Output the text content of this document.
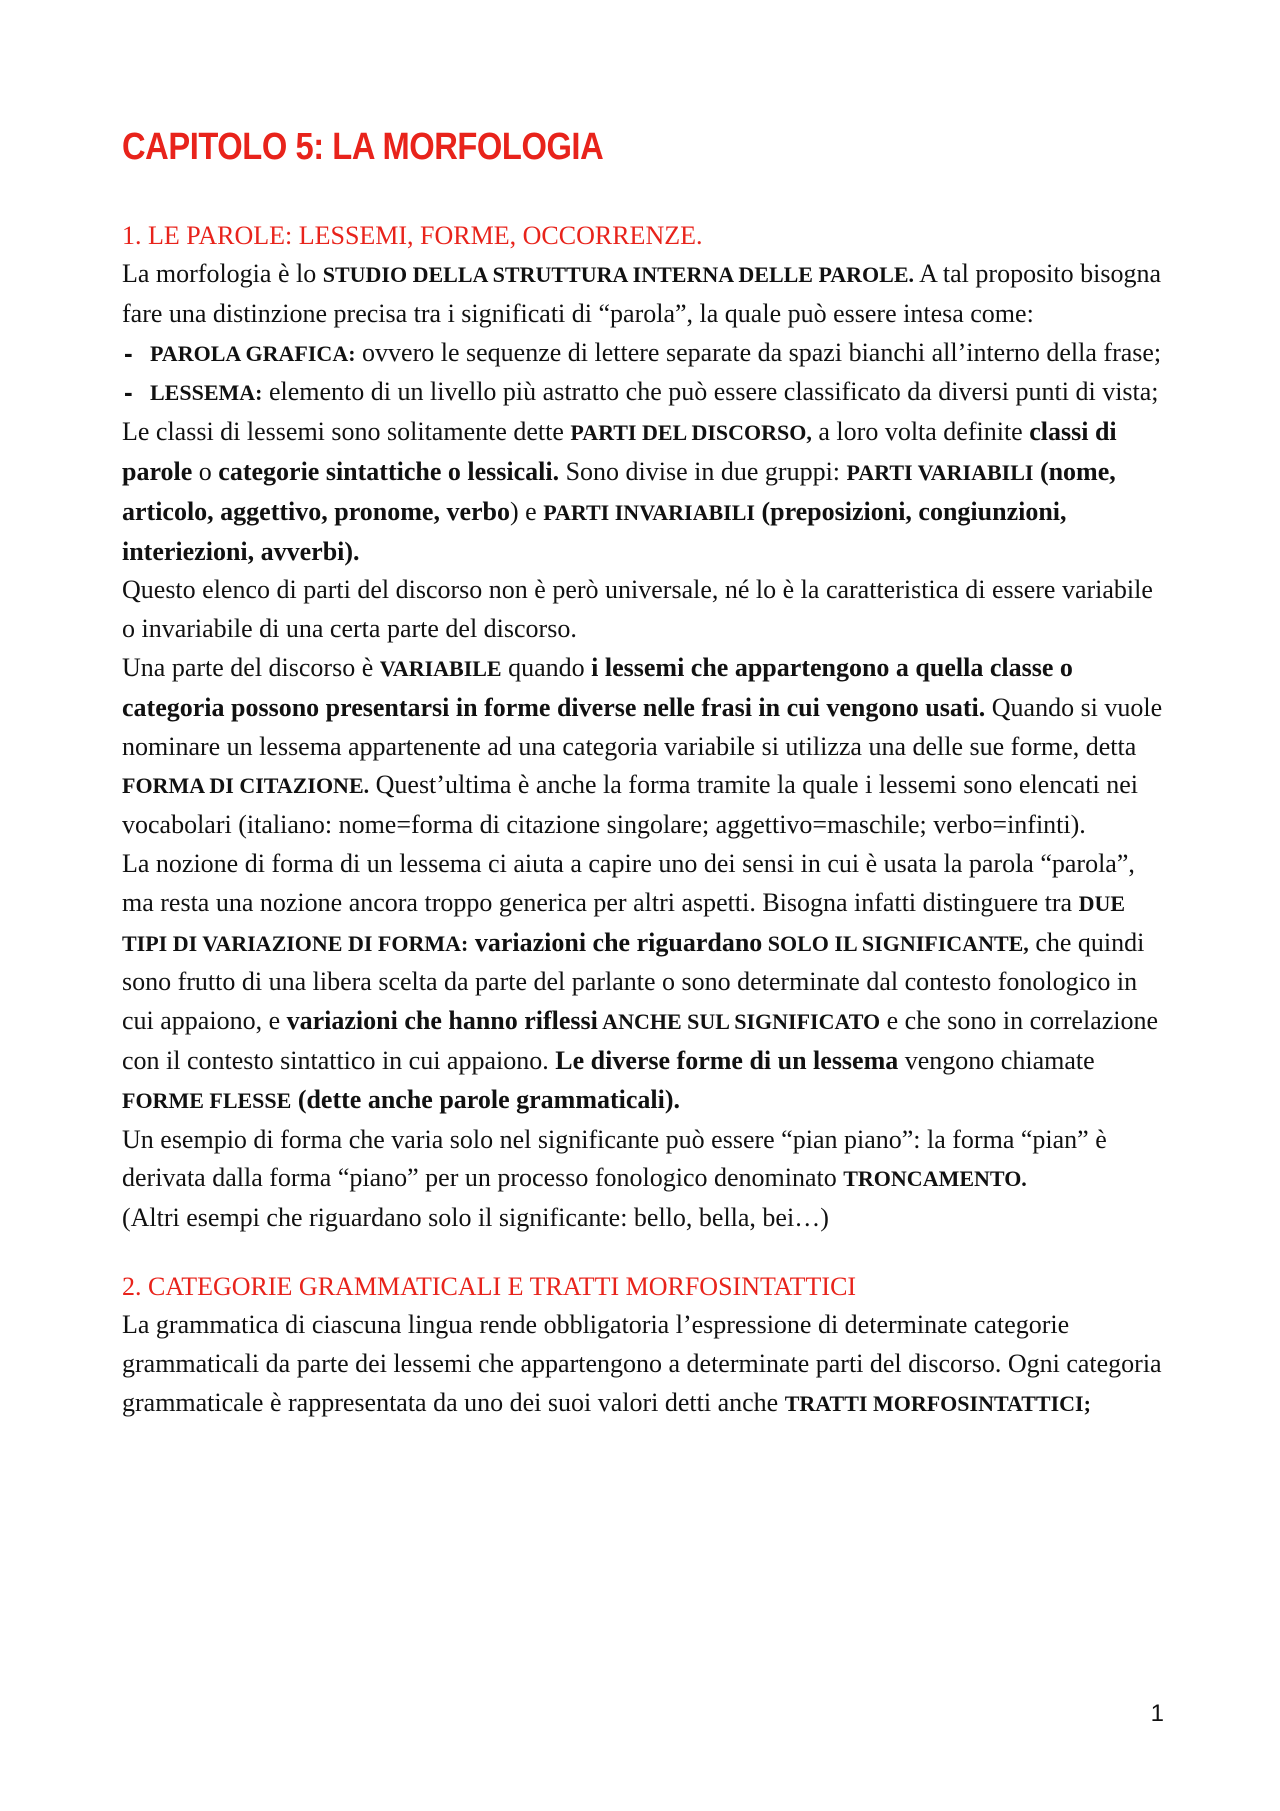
CAPITOLO 5: LA MORFOLOGIA
1. LE PAROLE: LESSEMI, FORME, OCCORRENZE.

La morfologia è lo STUDIO DELLA STRUTTURA INTERNA DELLE PAROLE. A tal proposito bisogna fare una distinzione precisa tra i significati di “parola”, la quale può essere intesa come:

- PAROLA GRAFICA: ovvero le sequenze di lettere separate da spazi bianchi all’interno della frase;
- LESSEMA: elemento di un livello più astratto che può essere classificato da diversi punti di vista;

Le classi di lessemi sono solitamente dette PARTI DEL DISCORSO, a loro volta definite classi di parole o categorie sintattiche o lessicali. Sono divise in due gruppi: PARTI VARIABILI (nome, articolo, aggettivo, pronome, verbo) e PARTI INVARIABILI (preposizioni, congiunzioni, interiezioni, avverbi).

Questo elenco di parti del discorso non è però universale, né lo è la caratteristica di essere variabile o invariabile di una certa parte del discorso.

Una parte del discorso è VARIABILE quando i lessemi che appartengono a quella classe o categoria possono presentarsi in forme diverse nelle frasi in cui vengono usati. Quando si vuole nominare un lessema appartenente ad una categoria variabile si utilizza una delle sue forme, detta FORMA DI CITAZIONE. Quest’ultima è anche la forma tramite la quale i lessemi sono elencati nei vocabolari (italiano: nome=forma di citazione singolare; aggettivo=maschile; verbo=infinti).

La nozione di forma di un lessema ci aiuta a capire uno dei sensi in cui è usata la parola “parola”, ma resta una nozione ancora troppo generica per altri aspetti. Bisogna infatti distinguere tra DUE TIPI DI VARIAZIONE DI FORMA: variazioni che riguardano SOLO IL SIGNIFICANTE, che quindi sono frutto di una libera scelta da parte del parlante o sono determinate dal contesto fonologico in cui appaiono, e variazioni che hanno riflessi ANCHE SUL SIGNIFICATO e che sono in correlazione con il contesto sintattico in cui appaiono. Le diverse forme di un lessema vengono chiamate FORME FLESSE (dette anche parole grammaticali).

Un esempio di forma che varia solo nel significante può essere “pian piano”: la forma “pian” è derivata dalla forma “piano” per un processo fonologico denominato TRONCAMENTO.

(Altri esempi che riguardano solo il significante: bello, bella, bei…)

2. CATEGORIE GRAMMATICALI E TRATTI MORFOSINTATTICI

La grammatica di ciascuna lingua rende obbligatoria l’espressione di determinate categorie grammaticali da parte dei lessemi che appartengono a determinate parti del discorso. Ogni categoria grammaticale è rappresentata da uno dei suoi valori detti anche TRATTI MORFOSINTATTICI;

1
